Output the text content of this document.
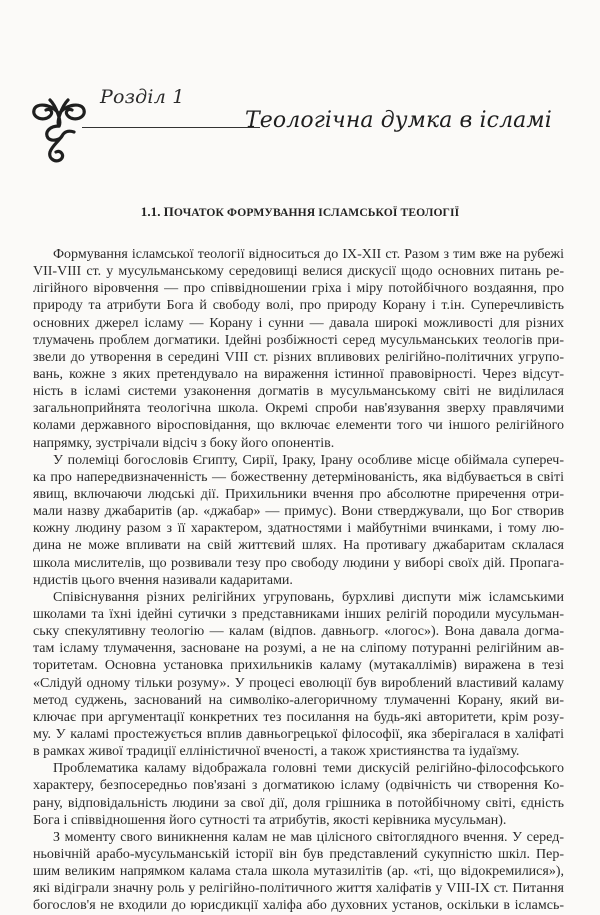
Розділ 1
Теологічна думка в ісламі
1.1. ПОЧАТОК ФОРМУВАННЯ ІСЛАМСЬКОЇ ТЕОЛОГІЇ
Формування ісламської теології відноситься до IX-XII ст. Разом з тим вже на рубежі
VII-VIII ст. у мусульманському середовищі велися дискусії щодо основних питань ре-
лігійного віровчення — про співвідношении гріха і міру потойбічного воздаяння, про
природу та атрибути Бога й свободу волі, про природу Корану і т.ін. Суперечливість
основних джерел ісламу — Корану і сунни — давала широкі можливості для різних
тлумачень проблем догматики. Ідейні розбіжності серед мусульманських теологів при-
звели до утворення в середині VIII ст. різних впливових релігійно-політичних угрупо-
вань, кожне з яких претендувало на вираження істинної правовірності. Через відсут-
ність в ісламі системи узаконення догматів в мусульманському світі не виділилася
загальноприйнята теологічна школа. Окремі спроби нав'язування зверху правлячими
колами державного віросповідання, що включає елементи того чи іншого релігійного
напрямку, зустрічали відсіч з боку його опонентів.
У полеміці богословів Єгипту, Сирії, Іраку, Ірану особливе місце обіймала супереч-
ка про напередвизначенність — божественну детермінованість, яка відбувається в світі
явищ, включаючи людські дії. Прихильники вчення про абсолютне приречення отри-
мали назву джабаритів (ар. «джабар» — примус). Вони стверджували, що Бог створив
кожну людину разом з її характером, здатностями і майбутніми вчинками, і тому лю-
дина не може впливати на свій життєвий шлях. На противагу джабаритам склалася
школа мислителів, що розвивали тезу про свободу людини у виборі своїх дій. Пропага-
ндистів цього вчення називали кадаритами.
Співіснування різних релігійних угруповань, бурхливі диспути між ісламськими
школами та їхні ідейні сутички з представниками інших релігій породили мусульман-
ську спекулятивну теологію — калам (відпов. давньогр. «логос»). Вона давала догма-
там ісламу тлумачення, засноване на розумі, а не на сліпому потуранні релігійним ав-
торитетам. Основна установка прихильників каламу (мутакаллімів) виражена в тезі
«Слідуй одному тільки розуму». У процесі еволюції був вироблений властивий каламу
метод суджень, заснований на символіко-алегоричному тлумаченні Корану, який ви-
ключає при аргументації конкретних тез посилання на будь-які авторитети, крім розу-
му. У каламі простежується вплив давньогрецької філософії, яка зберігалася в халіфаті
в рамках живої традиції елліністичної вченості, а також християнства та іудаїзму.
Проблематика каламу відображала головні теми дискусій релігійно-філософського
характеру, безпосередньо пов'язані з догматикою ісламу (одвічність чи створення Ко-
рану, відповідальність людини за свої дії, доля грішника в потойбічному світі, єдність
Бога і співвідношення його сутності та атрибутів, якості керівника мусульман).
З моменту свого виникнення калам не мав цілісного світоглядного вчення. У серед-
ньовічній арабо-мусульманській історії він був представлений сукупністю шкіл. Пер-
шим великим напрямком калама стала школа мутазилітів (ар. «ті, що відокремилися»),
які відіграли значну роль у релігійно-політичного життя халіфатів у VIII-IX ст. Питання
богослов'я не входили до юрисдикції халіфа або духовних установ, оскільки в ісламсь-
